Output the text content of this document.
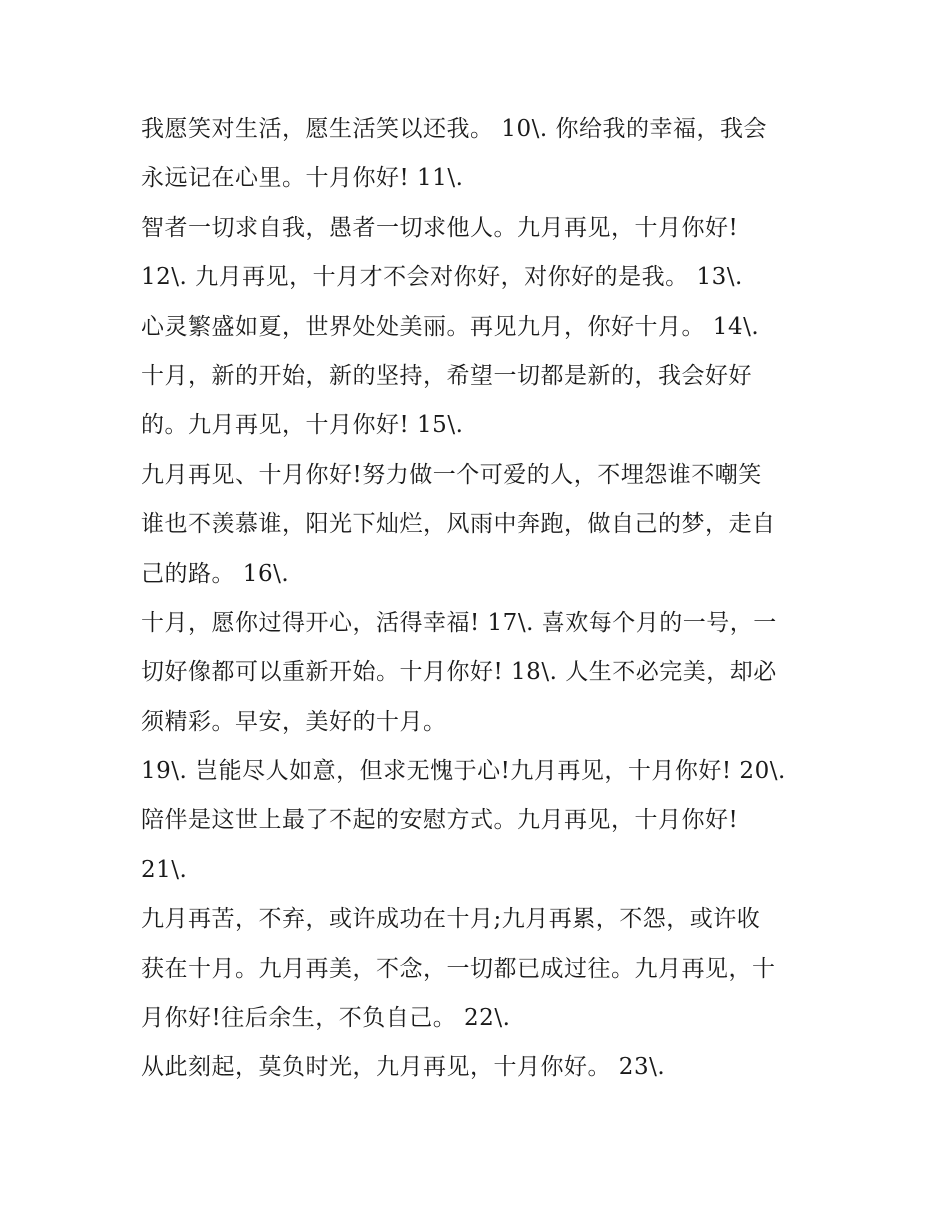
我愿笑对生活，愿生活笑以还我。 10\. 你给我的幸福，我会
永远记在心里。十月你好! 11\.
智者一切求自我，愚者一切求他人。九月再见，十月你好!
12\. 九月再见，十月才不会对你好，对你好的是我。 13\.
心灵繁盛如夏，世界处处美丽。再见九月，你好十月。 14\.
十月，新的开始，新的坚持，希望一切都是新的，我会好好
的。九月再见，十月你好! 15\.
九月再见、十月你好!努力做一个可爱的人，不埋怨谁不嘲笑
谁也不羡慕谁，阳光下灿烂，风雨中奔跑，做自己的梦，走自
己的路。 16\.
十月，愿你过得开心，活得幸福! 17\. 喜欢每个月的一号，一
切好像都可以重新开始。十月你好! 18\. 人生不必完美，却必
须精彩。早安，美好的十月。
19\. 岂能尽人如意，但求无愧于心!九月再见，十月你好! 20\.
陪伴是这世上最了不起的安慰方式。九月再见，十月你好!
21\.
九月再苦，不弃，或许成功在十月;九月再累，不怨，或许收
获在十月。九月再美，不念，一切都已成过往。九月再见，十
月你好!往后余生，不负自己。 22\.
从此刻起，莫负时光，九月再见，十月你好。 23\.
